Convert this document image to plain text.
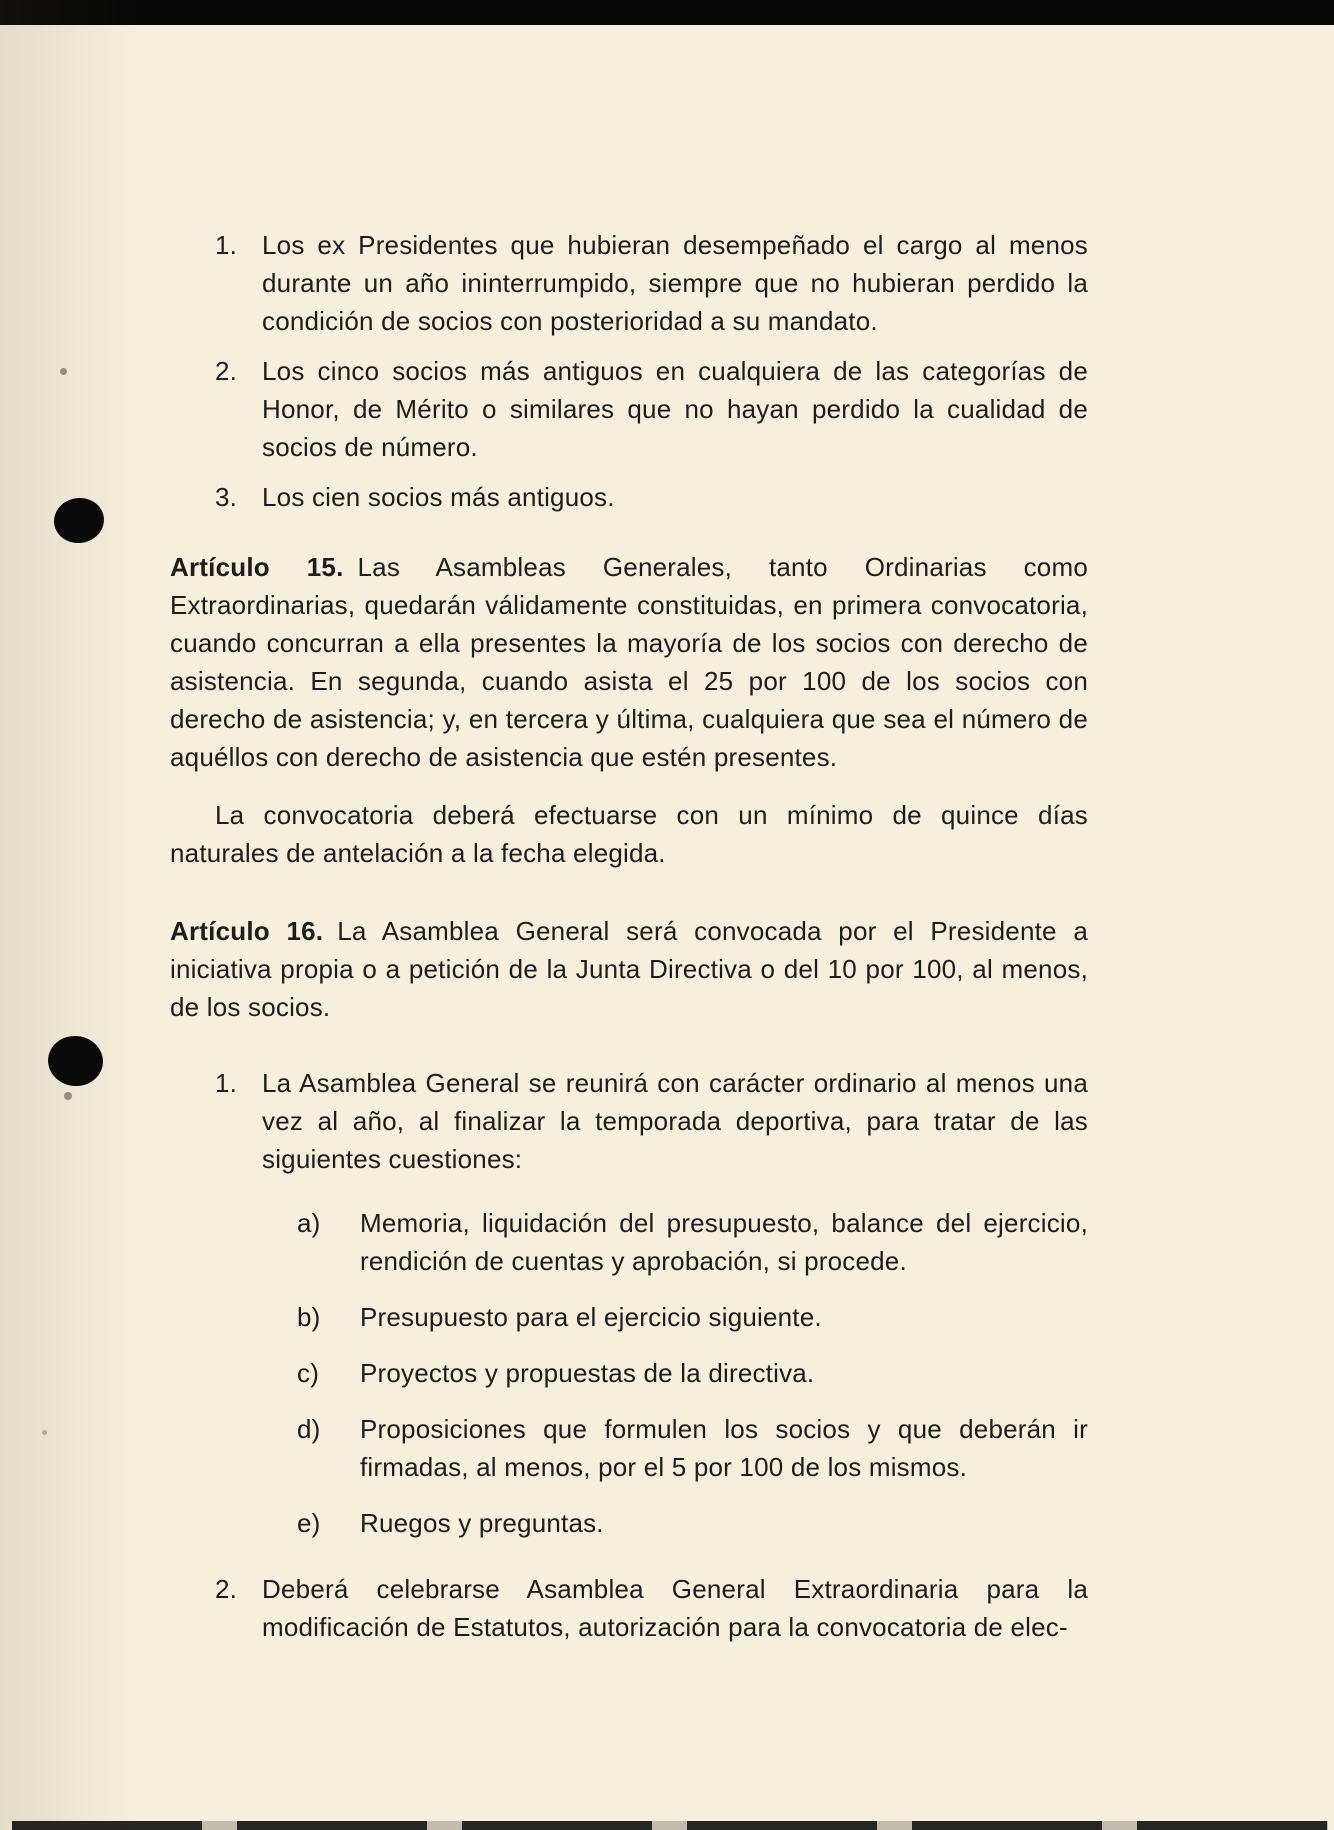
1. Los ex Presidentes que hubieran desempeñado el cargo al menos durante un año ininterrumpido, siempre que no hubieran perdido la condición de socios con posterioridad a su mandato.
2. Los cinco socios más antiguos en cualquiera de las categorías de Honor, de Mérito o similares que no hayan perdido la cualidad de socios de número.
3. Los cien socios más antiguos.

Artículo 15. Las Asambleas Generales, tanto Ordinarias como Extraordinarias, quedarán válidamente constituidas, en primera convocatoria, cuando concurran a ella presentes la mayoría de los socios con derecho de asistencia. En segunda, cuando asista el 25 por 100 de los socios con derecho de asistencia; y, en tercera y última, cualquiera que sea el número de aquéllos con derecho de asistencia que estén presentes.

La convocatoria deberá efectuarse con un mínimo de quince días naturales de antelación a la fecha elegida.

Artículo 16. La Asamblea General será convocada por el Presidente a iniciativa propia o a petición de la Junta Directiva o del 10 por 100, al menos, de los socios.

1. La Asamblea General se reunirá con carácter ordinario al menos una vez al año, al finalizar la temporada deportiva, para tratar de las siguientes cuestiones:
a)	Memoria, liquidación del presupuesto, balance del ejercicio, rendición de cuentas y aprobación, si procede.
b)	Presupuesto para el ejercicio siguiente.
c)	Proyectos y propuestas de la directiva.
d)	Proposiciones que formulen los socios y que deberán ir firmadas, al menos, por el 5 por 100 de los mismos.
e)	Ruegos y preguntas.
2. Deberá celebrarse Asamblea General Extraordinaria para la modificación de Estatutos, autorización para la convocatoria de elec-
